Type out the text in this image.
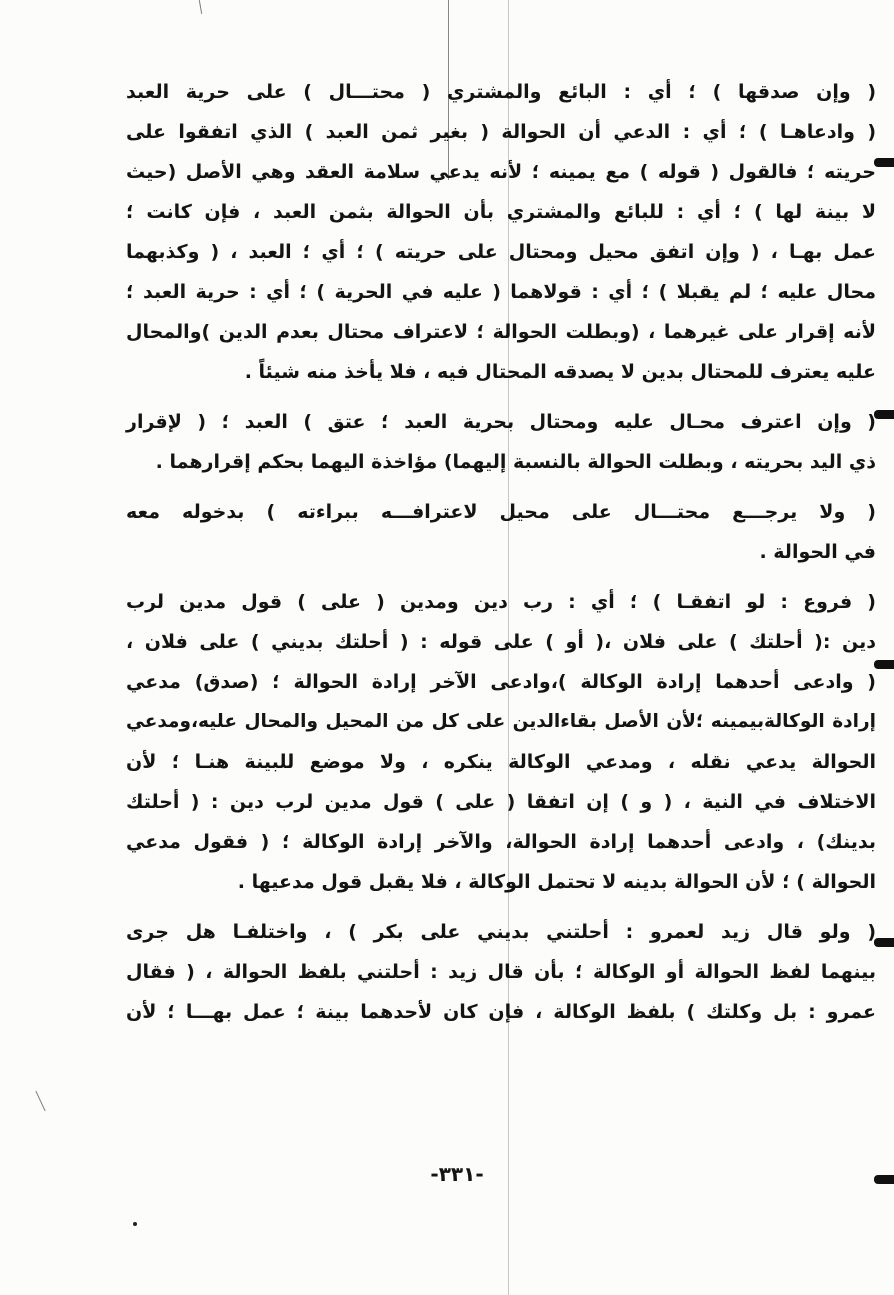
( وإن صدقها ) ؛ أي : البائع والمشتري ( محتـــال ) على حرية العبد
( وادعاهـا ) ؛ أي : الدعي أن الحوالة ( بغير ثمن العبد ) الذي اتفقوا على
حريته ؛ فالقول ( قوله ) مع يمينه ؛ لأنه يدعي سلامة العقد وهي الأصل (حيث
لا بينة لها ) ؛ أي : للبائع والمشتري بأن الحوالة بثمن العبد ، فإن كانت ؛
عمل بهـا ، ( وإن اتفق محيل ومحتال على حريته ) ؛ أي ؛ العبد ، ( وكذبهما
محال عليه ؛ لم يقبلا ) ؛ أي : قولاهما ( عليه في الحرية ) ؛ أي : حرية العبد ؛
لأنه إقرار على غيرهما ، (وبطلت الحوالة ؛ لاعتراف محتال بعدم الدين )والمحال
عليه يعترف للمحتال بدين لا يصدقه المحتال فيه ، فلا يأخذ منه شيئاً .
( وإن اعترف محـال عليه ومحتال بحرية العبد ؛ عتق ) العبد ؛ ( لإقرار
ذي اليد بحريته ، وبطلت الحوالة بالنسبة إليهما) مؤاخذة اليهما بحكم إقرارهما .
( ولا يرجـــع محتـــال على محيل لاعترافـــه ببراءته ) بدخوله معه
في الحوالة .
( فروع : لو اتفقـا ) ؛ أي : رب دين ومدين ( على ) قول مدين لرب
دين :( أحلتك ) على فلان ،( أو ) على قوله : ( أحلتك بديني ) على فلان ،
( وادعى أحدهما إرادة الوكالة )،وادعى الآخر إرادة الحوالة ؛ (صدق) مدعي
إرادة الوكالةبيمينه ؛لأن الأصل بقاءالدين على كل من المحيل والمحال عليه،ومدعي
الحوالة يدعي نقله ، ومدعي الوكالة ينكره ، ولا موضع للبينة هنـا ؛ لأن
الاختلاف في النية ، ( و ) إن اتفقا ( على ) قول مدين لرب دين : ( أحلتك
بدينك) ، وادعى أحدهما إرادة الحوالة، والآخر إرادة الوكالة ؛ ( فقول مدعي
الحوالة ) ؛ لأن الحوالة بدينه لا تحتمل الوكالة ، فلا يقبل قول مدعيها .
( ولو قال زيد لعمرو : أحلتني بديني على بكر ) ، واختلفـا هل جرى
بينهما لفظ الحوالة أو الوكالة ؛ بأن قال زيد : أحلتني بلفظ الحوالة ، ( فقال
عمرو : بل وكلتك ) بلفظ الوكالة ، فإن كان لأحدهما بينة ؛ عمل بهـــا ؛ لأن
-٣٣١-
